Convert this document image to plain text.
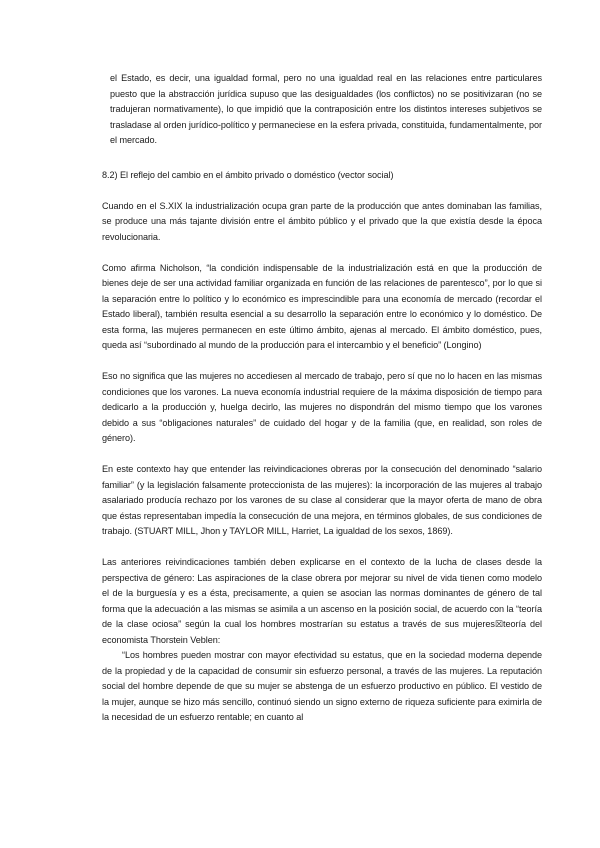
el Estado, es decir, una igualdad formal, pero no una igualdad real en las relaciones entre particulares puesto que la abstracción jurídica supuso que las desigualdades (los conflictos) no se positivizaran (no se tradujeran normativamente), lo que impidió que la contraposición entre los distintos intereses subjetivos se trasladase al orden jurídico-político y permaneciese en la esfera privada, constituida, fundamentalmente, por el mercado.

8.2) El reflejo del cambio en el ámbito privado o doméstico (vector social)

Cuando en el S.XIX la industrialización ocupa gran parte de la producción que antes dominaban las familias, se produce una más tajante división entre el ámbito público y el privado que la que existía desde la época revolucionaria.

Como afirma Nicholson, “la condición indispensable de la industrialización está en que la producción de bienes deje de ser una actividad familiar organizada en función de las relaciones de parentesco”, por lo que si la separación entre lo político y lo económico es imprescindible para una economía de mercado (recordar el Estado liberal), también resulta esencial a su desarrollo la separación entre lo económico y lo doméstico. De esta forma, las mujeres permanecen en este último ámbito, ajenas al mercado. El ámbito doméstico, pues, queda así “subordinado al mundo de la producción para el intercambio y el beneficio” (Longino)

Eso no significa que las mujeres no accediesen al mercado de trabajo, pero sí que no lo hacen en las mismas condiciones que los varones. La nueva economía industrial requiere de la máxima disposición de tiempo para dedicarlo a la producción y, huelga decirlo, las mujeres no dispondrán del mismo tiempo que los varones debido a sus “obligaciones naturales” de cuidado del hogar y de la familia (que, en realidad, son roles de género).

En este contexto hay que entender las reivindicaciones obreras por la consecución del denominado “salario familiar” (y la legislación falsamente proteccionista de las mujeres): la incorporación de las mujeres al trabajo asalariado producía rechazo por los varones de su clase al considerar que la mayor oferta de mano de obra que éstas representaban impedía la consecución de una mejora, en términos globales, de sus condiciones de trabajo. (STUART MILL, Jhon y TAYLOR MILL, Harriet, La igualdad de los sexos, 1869).

Las anteriores reivindicaciones también deben explicarse en el contexto de la lucha de clases desde la perspectiva de género: Las aspiraciones de la clase obrera por mejorar su nivel de vida tienen como modelo el de la burguesía y es a ésta, precisamente, a quien se asocian las normas dominantes de género de tal forma que la adecuación a las mismas se asimila a un ascenso en la posición social, de acuerdo con la “teoría de la clase ociosa” según la cual los hombres mostrarían su estatus a través de sus mujeres☒teoría del economista Thorstein Veblen:

“Los hombres pueden mostrar con mayor efectividad su estatus, que en la sociedad moderna depende de la propiedad y de la capacidad de consumir sin esfuerzo personal, a través de las mujeres. La reputación social del hombre depende de que su mujer se abstenga de un esfuerzo productivo en público. El vestido de la mujer, aunque se hizo más sencillo, continuó siendo un signo externo de riqueza suficiente para eximirla de la necesidad de un esfuerzo rentable; en cuanto al
